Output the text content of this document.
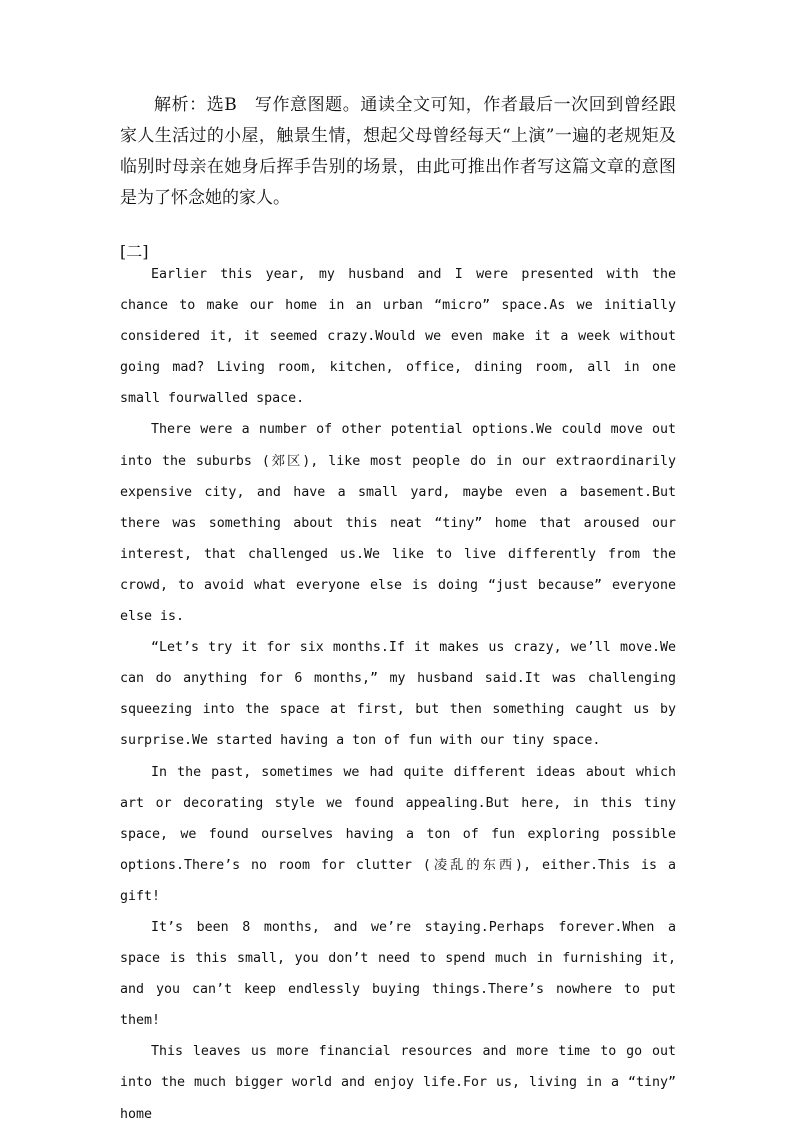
解析：选B　写作意图题。通读全文可知，作者最后一次回到曾经跟家人生活过的小屋，触景生情，想起父母曾经每天“上演”一遍的老规矩及临别时母亲在她身后挥手告别的场景，由此可推出作者写这篇文章的意图是为了怀念她的家人。

[二]

Earlier this year, my husband and I were presented with the chance to make our home in an urban “micro” space.As we initially considered it, it seemed crazy.Would we even make it a week without going mad? Living room, kitchen, office, dining room, all in one small fourwalled space.

There were a number of other potential options.We could move out into the suburbs (郊区), like most people do in our extraordinarily expensive city, and have a small yard, maybe even a basement.But there was something about this neat “tiny” home that aroused our interest, that challenged us.We like to live differently from the crowd, to avoid what everyone else is doing “just because” everyone else is.

“Let’s try it for six months.If it makes us crazy, we’ll move.We can do anything for 6 months,” my husband said.It was challenging squeezing into the space at first, but then something caught us by surprise.We started having a ton of fun with our tiny space.

In the past, sometimes we had quite different ideas about which art or decorating style we found appealing.But here, in this tiny space, we found ourselves having a ton of fun exploring possible options.There’s no room for clutter (凌乱的东西), either.This is a gift!

It’s been 8 months, and we’re staying.Perhaps forever.When a space is this small, you don’t need to spend much in furnishing it, and you can’t keep endlessly buying things.There’s nowhere to put them!

This leaves us more financial resources and more time to go out into the much bigger world and enjoy life.For us, living in a “tiny” home
